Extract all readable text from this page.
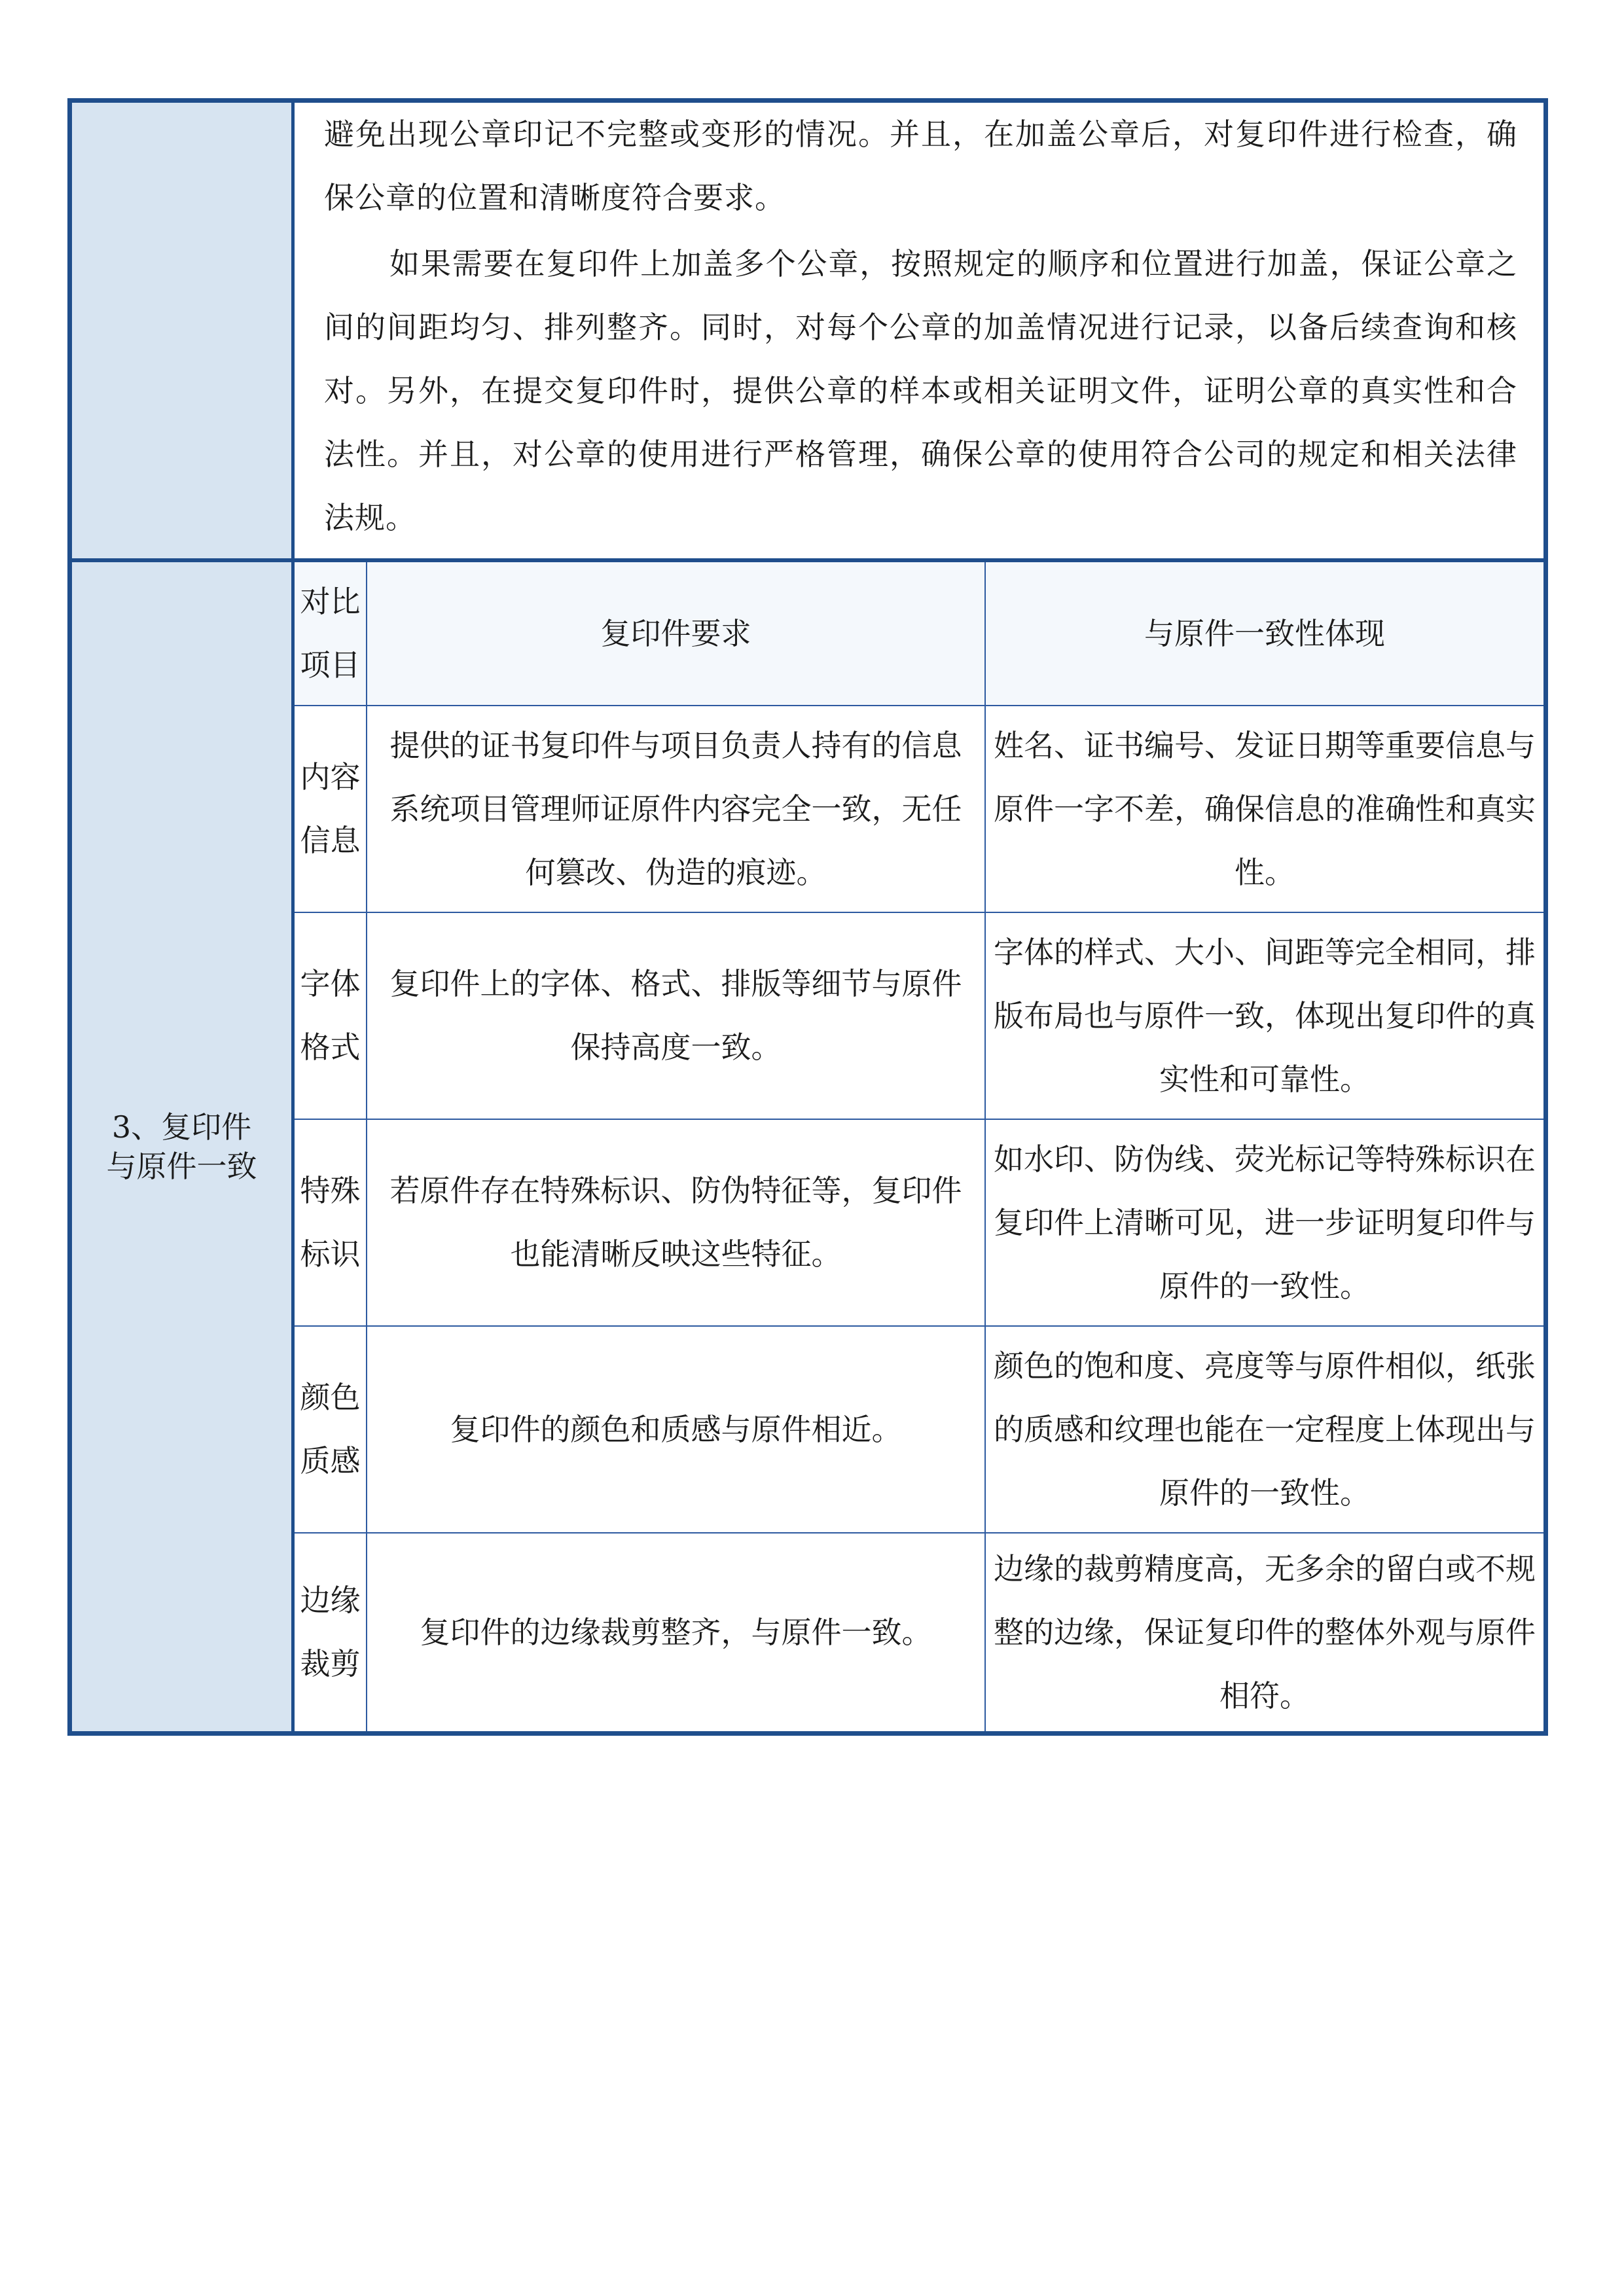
避免出现公章印记不完整或变形的情况。并且，在加盖公章后，对复印件进行检查，确保公章的位置和清晰度符合要求。

如果需要在复印件上加盖多个公章，按照规定的顺序和位置进行加盖，保证公章之间的间距均匀、排列整齐。同时，对每个公章的加盖情况进行记录，以备后续查询和核对。另外，在提交复印件时，提供公章的样本或相关证明文件，证明公章的真实性和合法性。并且，对公章的使用进行严格管理，确保公章的使用符合公司的规定和相关法律法规。

3、复印件
与原件一致
对比项目
复印件要求	与原件一致性体现
内容信息
提供的证书复印件与项目负责人持有的信息系统项目管理师证原件内容完全一致，无任何篡改、伪造的痕迹。
姓名、证书编号、发证日期等重要信息与原件一字不差，确保信息的准确性和真实性。
字体格式
复印件上的字体、格式、排版等细节与原件保持高度一致。
字体的样式、大小、间距等完全相同，排版布局也与原件一致，体现出复印件的真实性和可靠性。
特殊标识
若原件存在特殊标识、防伪特征等，复印件也能清晰反映这些特征。
如水印、防伪线、荧光标记等特殊标识在复印件上清晰可见，进一步证明复印件与原件的一致性。
颜色质感
复印件的颜色和质感与原件相近。
颜色的饱和度、亮度等与原件相似，纸张的质感和纹理也能在一定程度上体现出与原件的一致性。
边缘裁剪
复印件的边缘裁剪整齐，与原件一致。
边缘的裁剪精度高，无多余的留白或不规整的边缘，保证复印件的整体外观与原件相符。
